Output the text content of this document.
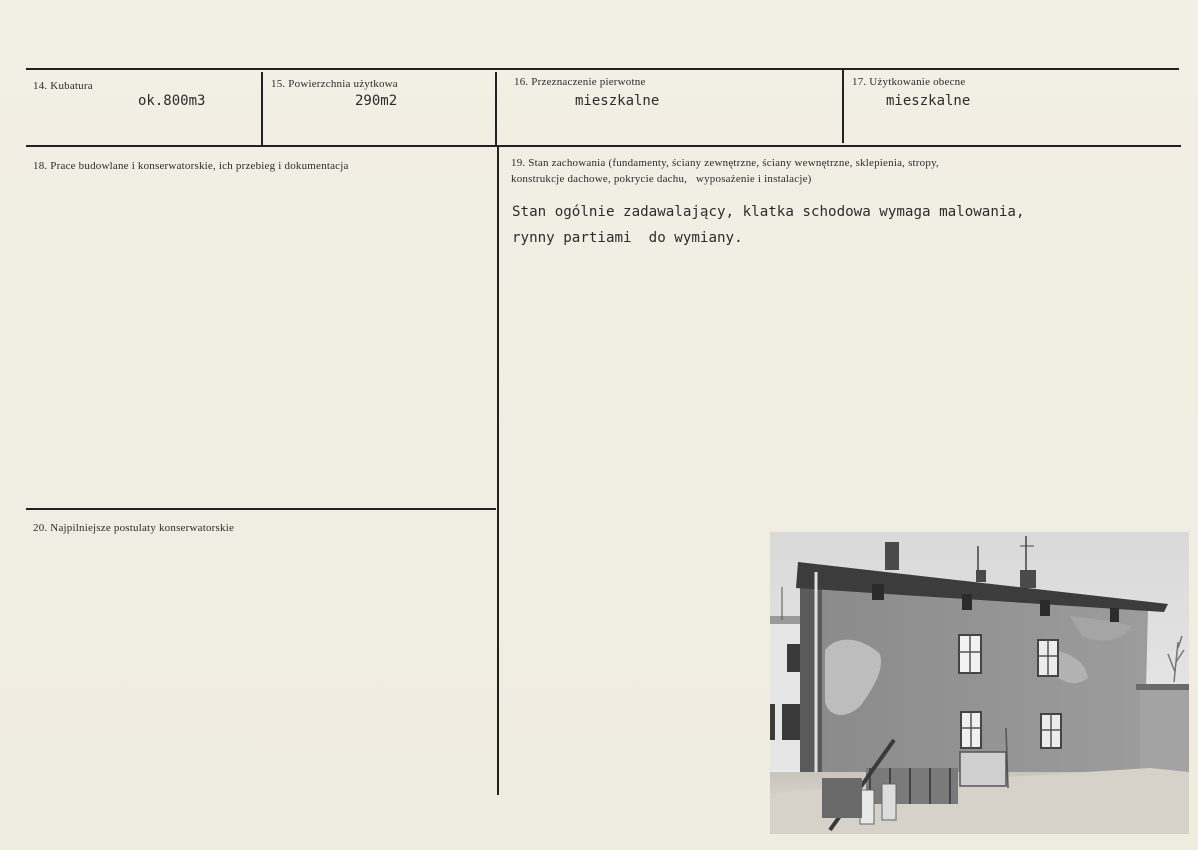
14. Kubatura
ok.800m3
15. Powierzchnia użytkowa
290m2
16. Przeznaczenie pierwotne
mieszkalne
17. Użytkowanie obecne
mieszkalne
18. Prace budowlane i konserwatorskie, ich przebieg i dokumentacja	19. Stan zachowania (fundamenty, ściany zewnętrzne, ściany wewnętrzne, sklepienia, stropy,
konstrukcje dachowe, pokrycie dachu,   wyposażenie i instalacje)
Stan ogólnie zadawalający, klatka schodowa wymaga malowania,
rynny partiami  do wymiany.
20. Najpilniejsze postulaty konserwatorskie
